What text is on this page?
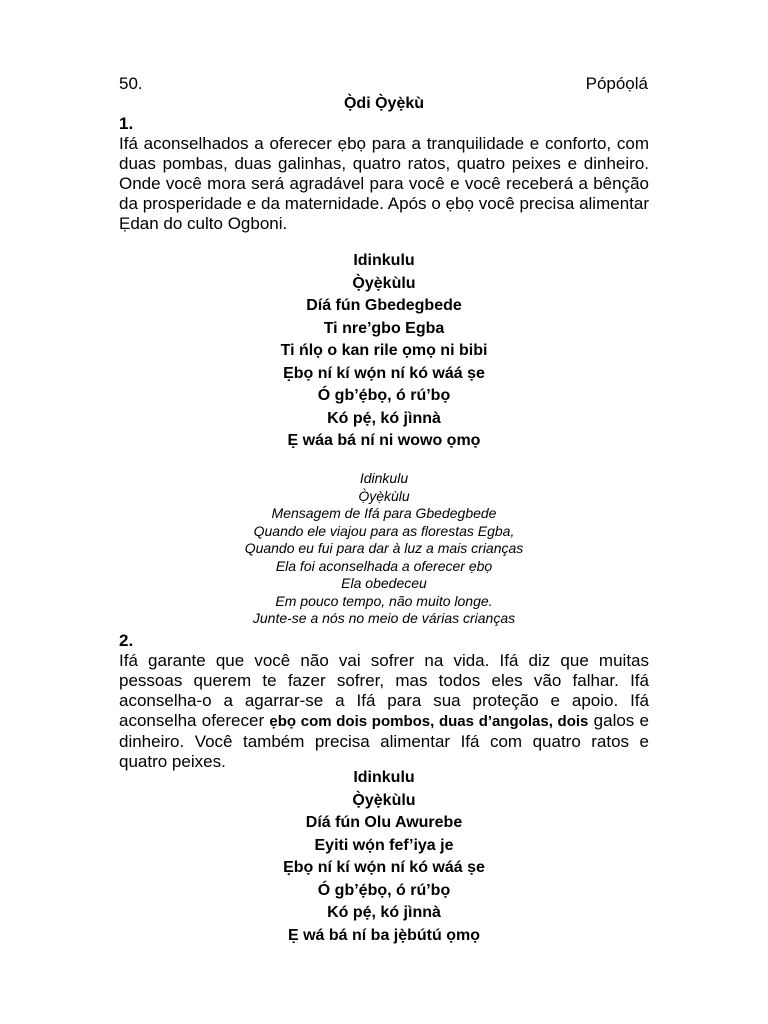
50.	Pópóọlá
Ọ̀di Ọ̀yẹ̀kù
1.
Ifá aconselhados a oferecer ẹbọ para a tranquilidade e conforto, com duas pombas, duas galinhas, quatro ratos, quatro peixes e dinheiro. Onde você mora será agradável para você e você receberá a bênção da prosperidade e da maternidade. Após o ẹbọ você precisa alimentar Ẹdan do culto Ogboni.
Idinkulu
Ọ̀yẹ̀kùlu
Díá fún Gbedegbede
Ti nre’gbo Egba
Ti ńlọ o kan rile ọmọ ni bibi
Ẹbọ ní kí wọ́n ní kó wáá ṣe
Ó gb’ẹ́bọ, ó rú’bọ
Kó pẹ́, kó jìnnà
Ẹ wáa bá ní ni wowo ọmọ
Idinkulu
Ọ̀yẹ̀kùlu
Mensagem de Ifá para Gbedegbede
Quando ele viajou para as florestas Egba,
Quando eu fui para dar à luz a mais crianças
Ela foi aconselhada a oferecer ẹbọ
Ela obedeceu
Em pouco tempo, não muito longe.
Junte-se a nós no meio de várias crianças
2.
Ifá garante que você não vai sofrer na vida. Ifá diz que muitas pessoas querem te fazer sofrer, mas todos eles vão falhar. Ifá aconselha-o a agarrar-se a Ifá para sua proteção e apoio. Ifá aconselha oferecer ẹbọ com dois pombos, duas d’angolas, dois galos e dinheiro. Você também precisa alimentar Ifá com quatro ratos e quatro peixes.
Idinkulu
Ọ̀yẹ̀kùlu
Díá fún Olu Awurebe
Eyiti wọ́n fef’iya je
Ẹbọ ní kí wọ́n ní kó wáá ṣe
Ó gb’ẹ́bọ, ó rú’bọ
Kó pẹ́, kó jìnnà
Ẹ wá bá ní ba jẹ̀bútú ọmọ
